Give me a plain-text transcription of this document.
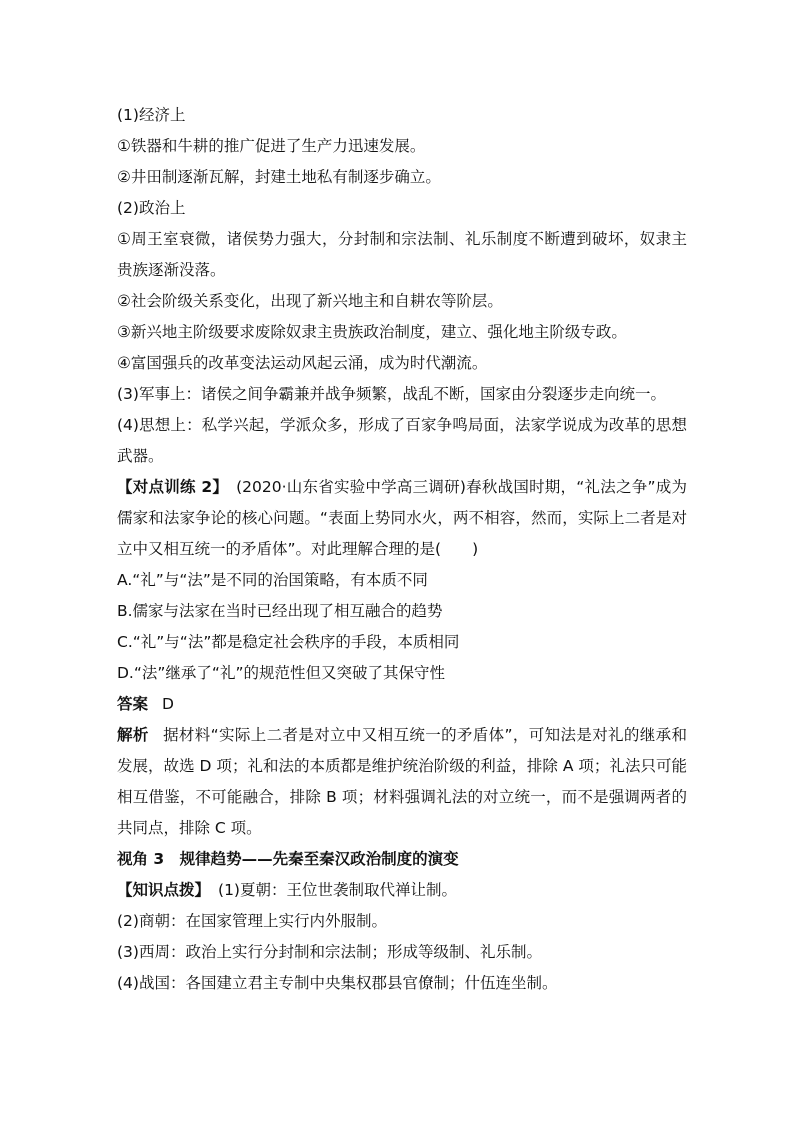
(1)经济上
①铁器和牛耕的推广促进了生产力迅速发展。
②井田制逐渐瓦解，封建土地私有制逐步确立。
(2)政治上
①周王室衰微，诸侯势力强大，分封制和宗法制、礼乐制度不断遭到破坏，奴隶主贵族逐渐没落。
②社会阶级关系变化，出现了新兴地主和自耕农等阶层。
③新兴地主阶级要求废除奴隶主贵族政治制度，建立、强化地主阶级专政。
④富国强兵的改革变法运动风起云涌，成为时代潮流。
(3)军事上：诸侯之间争霸兼并战争频繁，战乱不断，国家由分裂逐步走向统一。
(4)思想上：私学兴起，学派众多，形成了百家争鸣局面，法家学说成为改革的思想武器。
【对点训练 2】 (2020·山东省实验中学高三调研)春秋战国时期，“礼法之争”成为儒家和法家争论的核心问题。“表面上势同水火，两不相容，然而，实际上二者是对立中又相互统一的矛盾体”。对此理解合理的是(　　)
A.“礼”与“法”是不同的治国策略，有本质不同
B.儒家与法家在当时已经出现了相互融合的趋势
C.“礼”与“法”都是稳定社会秩序的手段，本质相同
D.“法”继承了“礼”的规范性但又突破了其保守性
答案 D
解析 据材料“实际上二者是对立中又相互统一的矛盾体”，可知法是对礼的继承和发展，故选 D 项；礼和法的本质都是维护统治阶级的利益，排除 A 项；礼法只可能相互借鉴，不可能融合，排除 B 项；材料强调礼法的对立统一，而不是强调两者的共同点，排除 C 项。
视角 3　规律趋势——先秦至秦汉政治制度的演变
【知识点拨】 (1)夏朝：王位世袭制取代禅让制。
(2)商朝：在国家管理上实行内外服制。
(3)西周：政治上实行分封制和宗法制；形成等级制、礼乐制。
(4)战国：各国建立君主专制中央集权郡县官僚制；什伍连坐制。
